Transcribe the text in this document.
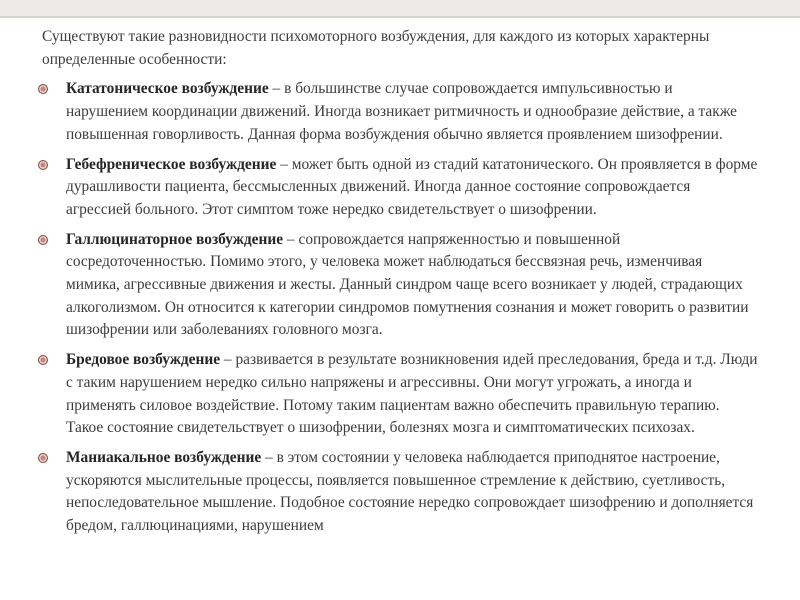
Существуют такие разновидности психомоторного возбуждения, для каждого из которых характерны определенные особенности:

Кататоническое возбуждение – в большинстве случае сопровождается импульсивностью и нарушением координации движений. Иногда возникает ритмичность и однообразие действие, а также повышенная говорливость. Данная форма возбуждения обычно является проявлением шизофрении.
Гебефреническое возбуждение – может быть одной из стадий кататонического. Он проявляется в форме дурашливости пациента, бессмысленных движений. Иногда данное состояние сопровождается агрессией больного. Этот симптом тоже нередко свидетельствует о шизофрении.
Галлюцинаторное возбуждение – сопровождается напряженностью и повышенной сосредоточенностью. Помимо этого, у человека может наблюдаться бессвязная речь, изменчивая мимика, агрессивные движения и жесты. Данный синдром чаще всего возникает у людей, страдающих алкоголизмом. Он относится к категории синдромов помутнения сознания и может говорить о развитии шизофрении или заболеваниях головного мозга.
Бредовое возбуждение – развивается в результате возникновения идей преследования, бреда и т.д. Люди с таким нарушением нередко сильно напряжены и агрессивны. Они могут угрожать, а иногда и применять силовое воздействие. Потому таким пациентам важно обеспечить правильную терапию. Такое состояние свидетельствует о шизофрении, болезнях мозга и симптоматических психозах.
Маниакальное возбуждение – в этом состоянии у человека наблюдается приподнятое настроение, ускоряются мыслительные процессы, появляется повышенное стремление к действию, суетливость, непоследовательное мышление. Подобное состояние нередко сопровождает шизофрению и дополняется бредом, галлюцинациями, нарушением
